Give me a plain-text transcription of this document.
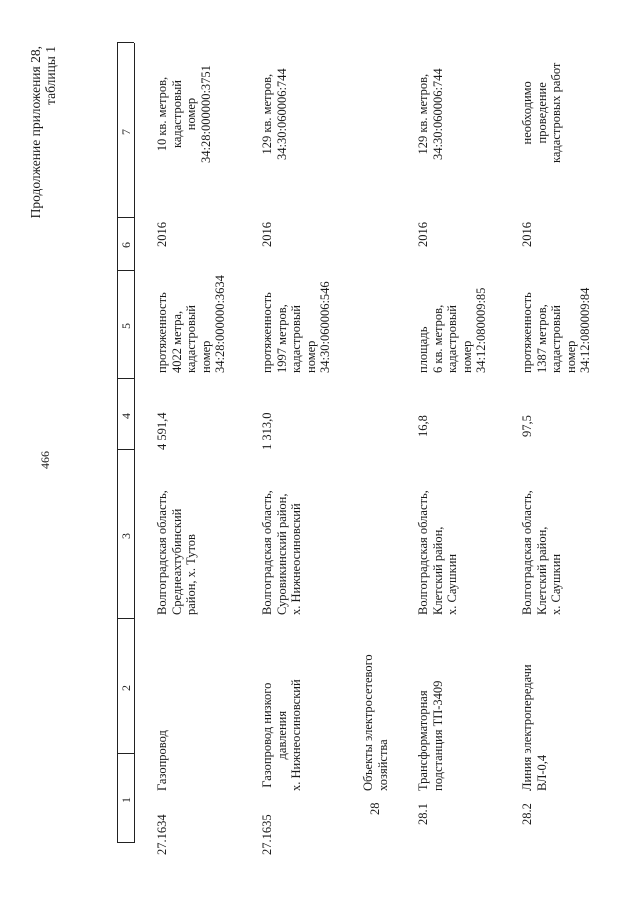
466
Продолжение приложения 28,
таблицы 1
1
2
3
4
5
6
7
27.1634
Газопровод
Волгоградская область,
Среднеахтубинский
район, х. Тутов
4 591,4
протяженность
4022 метра,
кадастровый
номер
34:28:000000:3634
2016
10 кв. метров,
кадастровый
номер
34:28:000000:3751
27.1635
Газопровод низкого
давления
х. Нижнеосиновский
Волгоградская область,
Суровикинский район,
х. Нижнеосиновский
1 313,0
протяженность
1997 метров,
кадастровый
номер
34:30:060006:546
2016
129 кв. метров,
34:30:060006:744
28
Объекты электросетевого
хозяйства
28.1
Трансформаторная
подстанция ТП-3409
Волгоградская область,
Клетский район,
х. Саушкин
16,8
площадь
6 кв. метров,
кадастровый
номер
34:12:080009:85
2016
129 кв. метров,
34:30:060006:744
28.2
Линия электропередачи
ВЛ-0,4
Волгоградская область,
Клетский район,
х. Саушкин
97,5
протяженность
1387 метров,
кадастровый
номер
34:12:080009:84
2016
необходимо
проведение
кадастровых работ
